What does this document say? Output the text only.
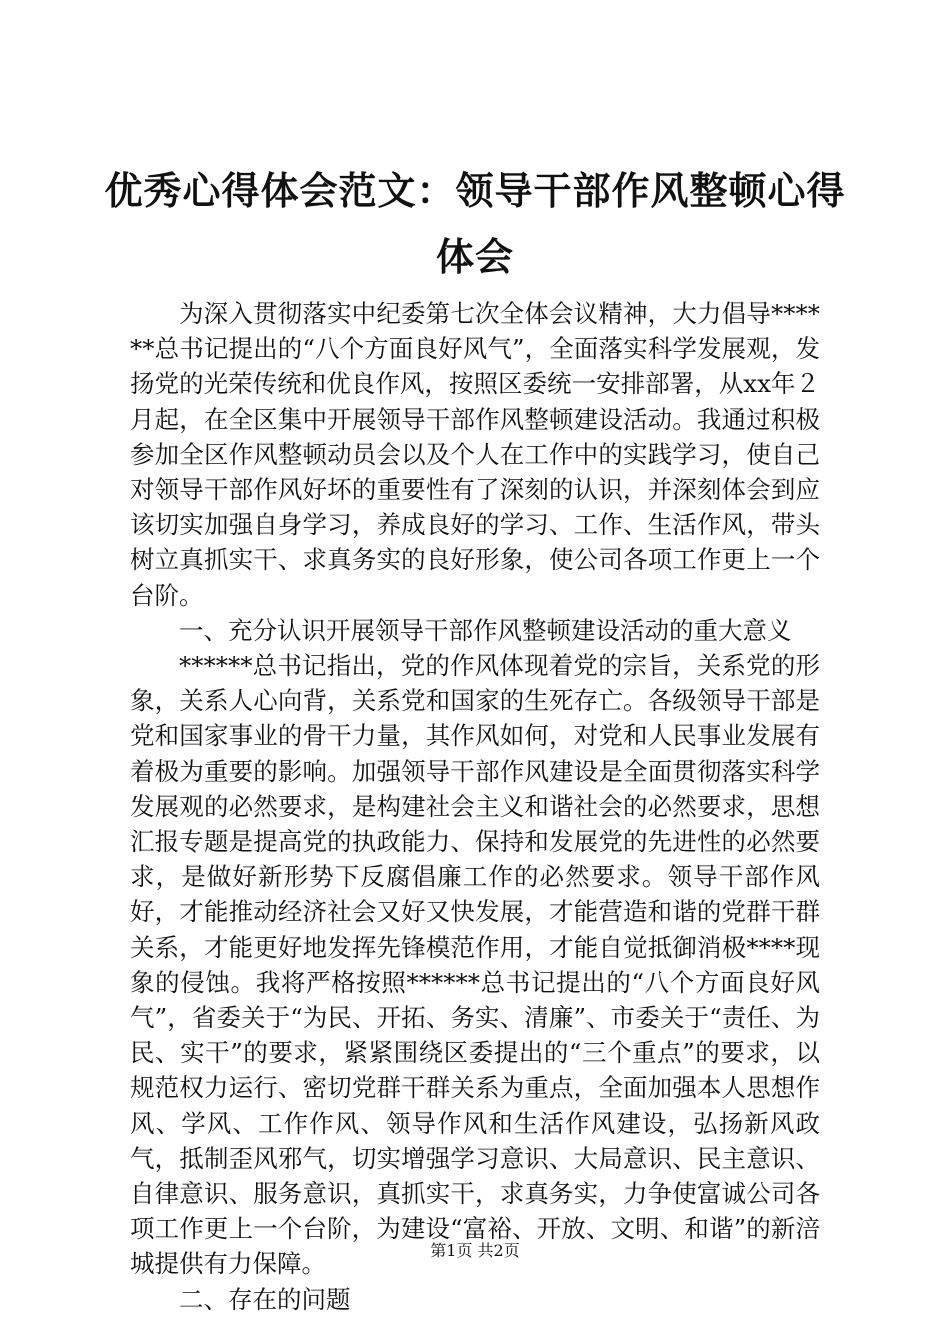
优秀心得体会范文：领导干部作风整顿心得体会

为深入贯彻落实中纪委第七次全体会议精神，大力倡导******总书记提出的“八个方面良好风气”，全面落实科学发展观，发扬党的光荣传统和优良作风，按照区委统一安排部署，从xx年２月起，在全区集中开展领导干部作风整顿建设活动。我通过积极参加全区作风整顿动员会以及个人在工作中的实践学习，使自己对领导干部作风好坏的重要性有了深刻的认识，并深刻体会到应该切实加强自身学习，养成良好的学习、工作、生活作风，带头树立真抓实干、求真务实的良好形象，使公司各项工作更上一个台阶。

一、充分认识开展领导干部作风整顿建设活动的重大意义

******总书记指出，党的作风体现着党的宗旨，关系党的形象，关系人心向背，关系党和国家的生死存亡。各级领导干部是党和国家事业的骨干力量，其作风如何，对党和人民事业发展有着极为重要的影响。加强领导干部作风建设是全面贯彻落实科学发展观的必然要求，是构建社会主义和谐社会的必然要求，思想汇报专题是提高党的执政能力、保持和发展党的先进性的必然要求，是做好新形势下反腐倡廉工作的必然要求。领导干部作风好，才能推动经济社会又好又快发展，才能营造和谐的党群干群关系，才能更好地发挥先锋模范作用，才能自觉抵御消极****现象的侵蚀。我将严格按照******总书记提出的“八个方面良好风气”，省委关于“为民、开拓、务实、清廉”、市委关于“责任、为民、实干”的要求，紧紧围绕区委提出的“三个重点”的要求，以规范权力运行、密切党群干群关系为重点，全面加强本人思想作风、学风、工作作风、领导作风和生活作风建设，弘扬新风政气，抵制歪风邪气，切实增强学习意识、大局意识、民主意识、自律意识、服务意识，真抓实干，求真务实，力争使富诚公司各项工作更上一个台阶，为建设“富裕、开放、文明、和谐”的新涪城提供有力保障。

二、存在的问题

第1页 共2页
